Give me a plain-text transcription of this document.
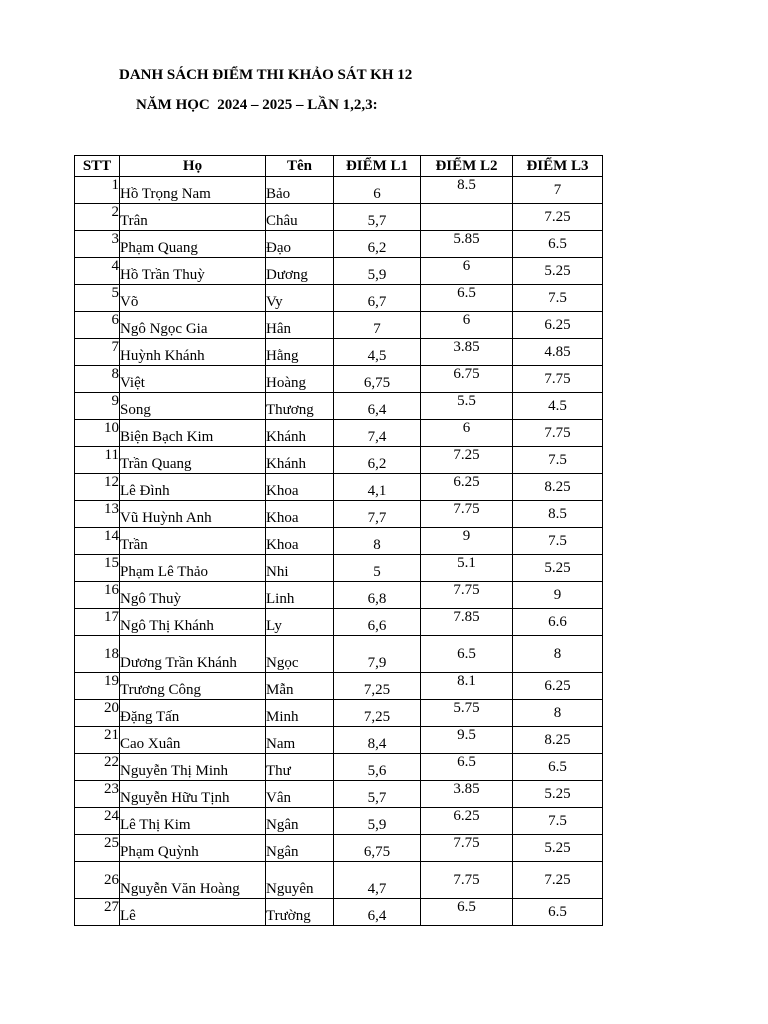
DANH SÁCH ĐIỂM THI KHẢO SÁT KH 12
NĂM HỌC  2024 – 2025 – LẦN 1,2,3:
STT	Họ	Tên	ĐIỂM L1	ĐIỂM L2	ĐIỂM L3
1	Hồ Trọng Nam	Bảo	6	8.5	7
2	Trân	Châu	5,7		7.25
3	Phạm Quang	Đạo	6,2	5.85	6.5
4	Hồ Trần Thuỳ	Dương	5,9	6	5.25
5	Võ	Vy	6,7	6.5	7.5
6	Ngô Ngọc Gia	Hân	7	6	6.25
7	Huỳnh Khánh	Hằng	4,5	3.85	4.85
8	Việt	Hoàng	6,75	6.75	7.75
9	Song	Thương	6,4	5.5	4.5
10	Biện Bạch Kim	Khánh	7,4	6	7.75
11	Trần Quang	Khánh	6,2	7.25	7.5
12	Lê Đình	Khoa	4,1	6.25	8.25
13	Vũ Huỳnh Anh	Khoa	7,7	7.75	8.5
14	Trần	Khoa	8	9	7.5
15	Phạm Lê Thảo	Nhi	5	5.1	5.25
16	Ngô Thuỳ	Linh	6,8	7.75	9
17	Ngô Thị Khánh	Ly	6,6	7.85	6.6
18	Dương Trần Khánh	Ngọc	7,9	6.5	8
19	Trương Công	Mẫn	7,25	8.1	6.25
20	Đặng Tấn	Minh	7,25	5.75	8
21	Cao Xuân	Nam	8,4	9.5	8.25
22	Nguyễn Thị Minh	Thư	5,6	6.5	6.5
23	Nguyễn Hữu Tịnh	Vân	5,7	3.85	5.25
24	Lê Thị Kim	Ngân	5,9	6.25	7.5
25	Phạm Quỳnh	Ngân	6,75	7.75	5.25
26	Nguyễn Văn Hoàng	Nguyên	4,7	7.75	7.25
27	Lê	Trường	6,4	6.5	6.5
